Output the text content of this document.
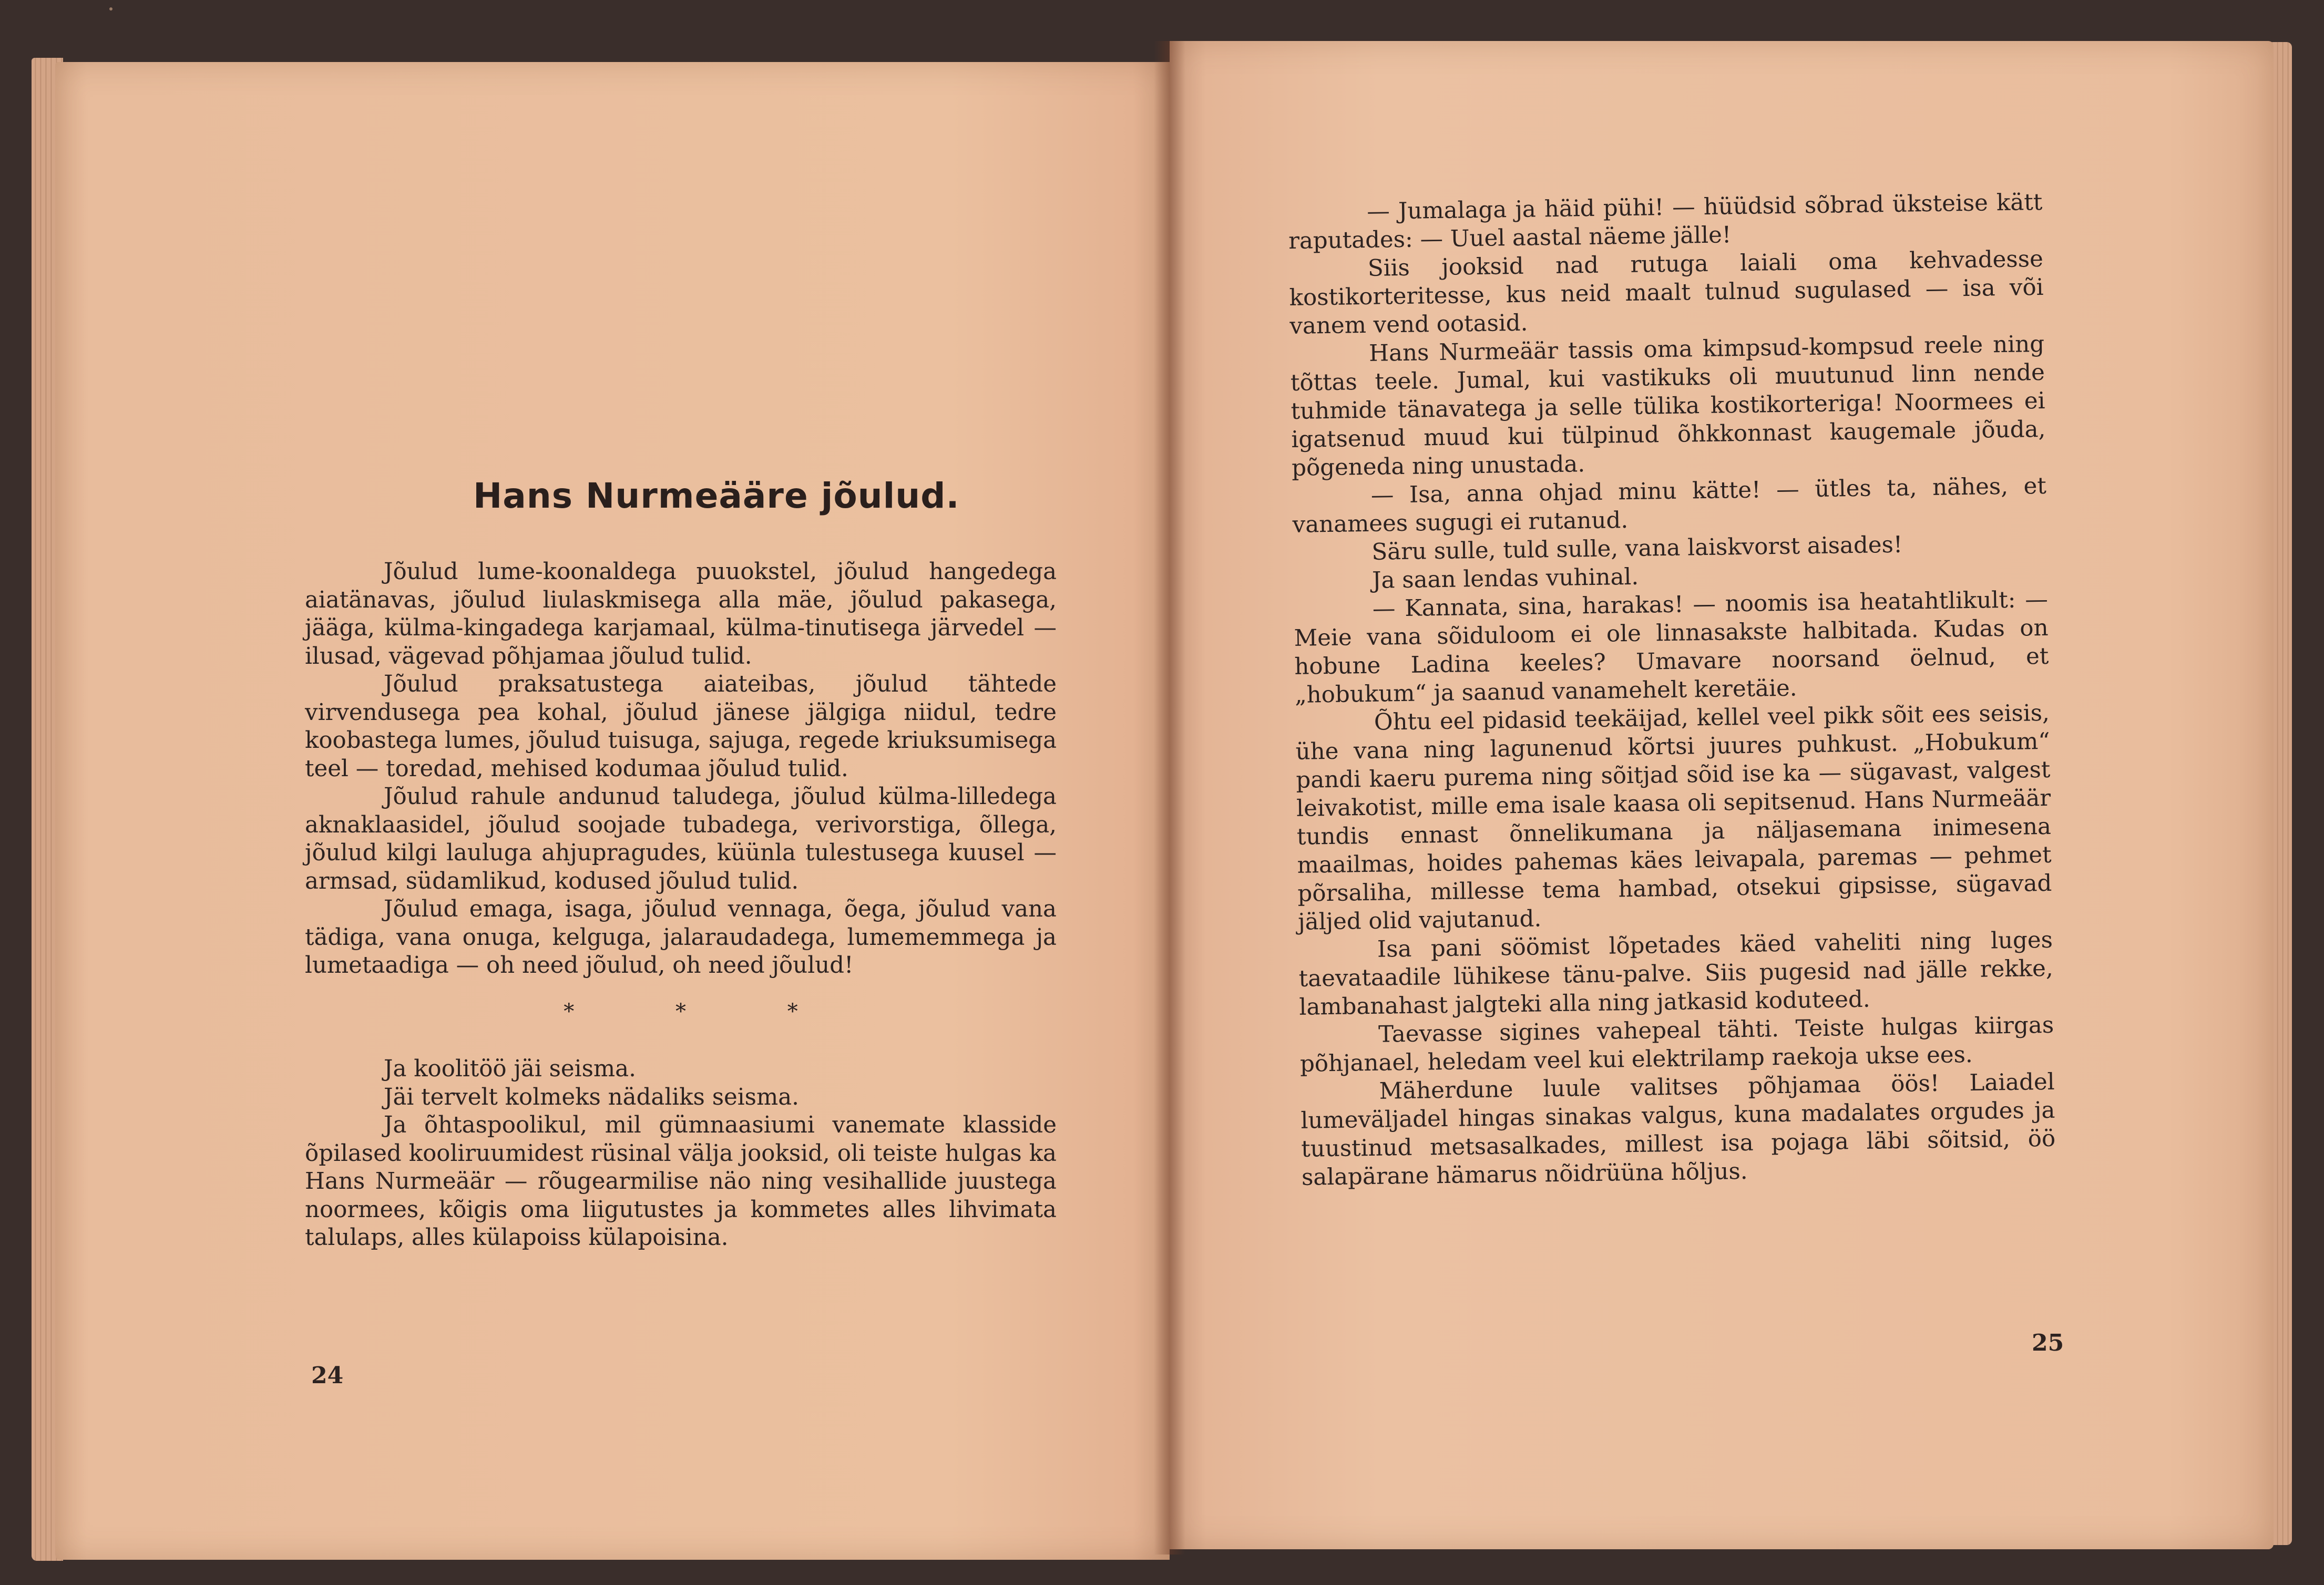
Hans Nurmeääre jõulud.

Jõulud lume-koonaldega puuokstel, jõulud hangedega aiatänavas, jõulud liulaskmisega alla mäe, jõulud pakasega, jääga, külma-kingadega karjamaal, külma-tinutisega järvedel — ilusad, vägevad põhjamaa jõulud tulid.

Jõulud praksatustega aiateibas, jõulud tähtede virvendusega pea kohal, jõulud jänese jälgiga niidul, tedre koobastega lumes, jõulud tuisuga, sajuga, regede kriuksumisega teel — toredad, mehised kodumaa jõulud tulid.

Jõulud rahule andunud taludega, jõulud külma-lilledega aknaklaasidel, jõulud soojade tubadega, verivorstiga, õllega, jõulud kilgi lauluga ahjupragudes, küünla tulestusega kuusel — armsad, südamlikud, kodused jõulud tulid.

Jõulud emaga, isaga, jõulud vennaga, õega, jõulud vana tädiga, vana onuga, kelguga, jalaraudadega, lumememmega ja lumetaadiga — oh need jõulud, oh need jõulud!

* * *

Ja koolitöö jäi seisma.

Jäi tervelt kolmeks nädaliks seisma.

Ja õhtaspoolikul, mil gümnaasiumi vanemate klasside õpilased kooliruumidest rüsinal välja jooksid, oli teiste hulgas ka Hans Nurmeäär — rõugearmilise näo ning vesihallide juustega noormees, kõigis oma liigutustes ja kommetes alles lihvimata talulaps, alles külapoiss külapoisina.

24

— Jumalaga ja häid pühi! — hüüdsid sõbrad üksteise kätt raputades: — Uuel aastal näeme jälle!

Siis jooksid nad rutuga laiali oma kehvadesse kostikorteritesse, kus neid maalt tulnud sugulased — isa või vanem vend ootasid.

Hans Nurmeäär tassis oma kimpsud-kompsud reele ning tõttas teele. Jumal, kui vastikuks oli muutunud linn nende tuhmide tänavatega ja selle tülika kostikorteriga! Noormees ei igatsenud muud kui tülpinud õhkkonnast kaugemale jõuda, põgeneda ning unustada.

— Isa, anna ohjad minu kätte! — ütles ta, nähes, et vanamees sugugi ei rutanud.

Säru sulle, tuld sulle, vana laiskvorst aisades!

Ja saan lendas vuhinal.

— Kannata, sina, harakas! — noomis isa heatahtlikult: — Meie vana sõiduloom ei ole linnasakste halbitada. Kudas on hobune Ladina keeles? Umavare noorsand öelnud, et „hobukum“ ja saanud vanamehelt keretäie.

Õhtu eel pidasid teekäijad, kellel veel pikk sõit ees seisis, ühe vana ning lagunenud kõrtsi juures puhkust. „Hobukum“ pandi kaeru purema ning sõitjad sõid ise ka — sügavast, valgest leivakotist, mille ema isale kaasa oli sepitsenud. Hans Nurmeäär tundis ennast õnnelikumana ja näljasemana inimesena maailmas, hoides pahemas käes leivapala, paremas — pehmet põrsaliha, millesse tema hambad, otsekui gipsisse, sügavad jäljed olid vajutanud.

Isa pani söömist lõpetades käed vaheliti ning luges taevataadile lühikese tänu-palve. Siis pugesid nad jälle rekke, lambanahast jalgteki alla ning jatkasid koduteed.

Taevasse sigines vahepeal tähti. Teiste hulgas kiirgas põhjanael, heledam veel kui elektrilamp raekoja ukse ees.

Mäherdune luule valitses põhjamaa öös! Laiadel lumeväljadel hingas sinakas valgus, kuna madalates orgudes ja tuustinud metsasalkades, millest isa pojaga läbi sõitsid, öö salapärane hämarus nõidrüüna hõljus.

25
